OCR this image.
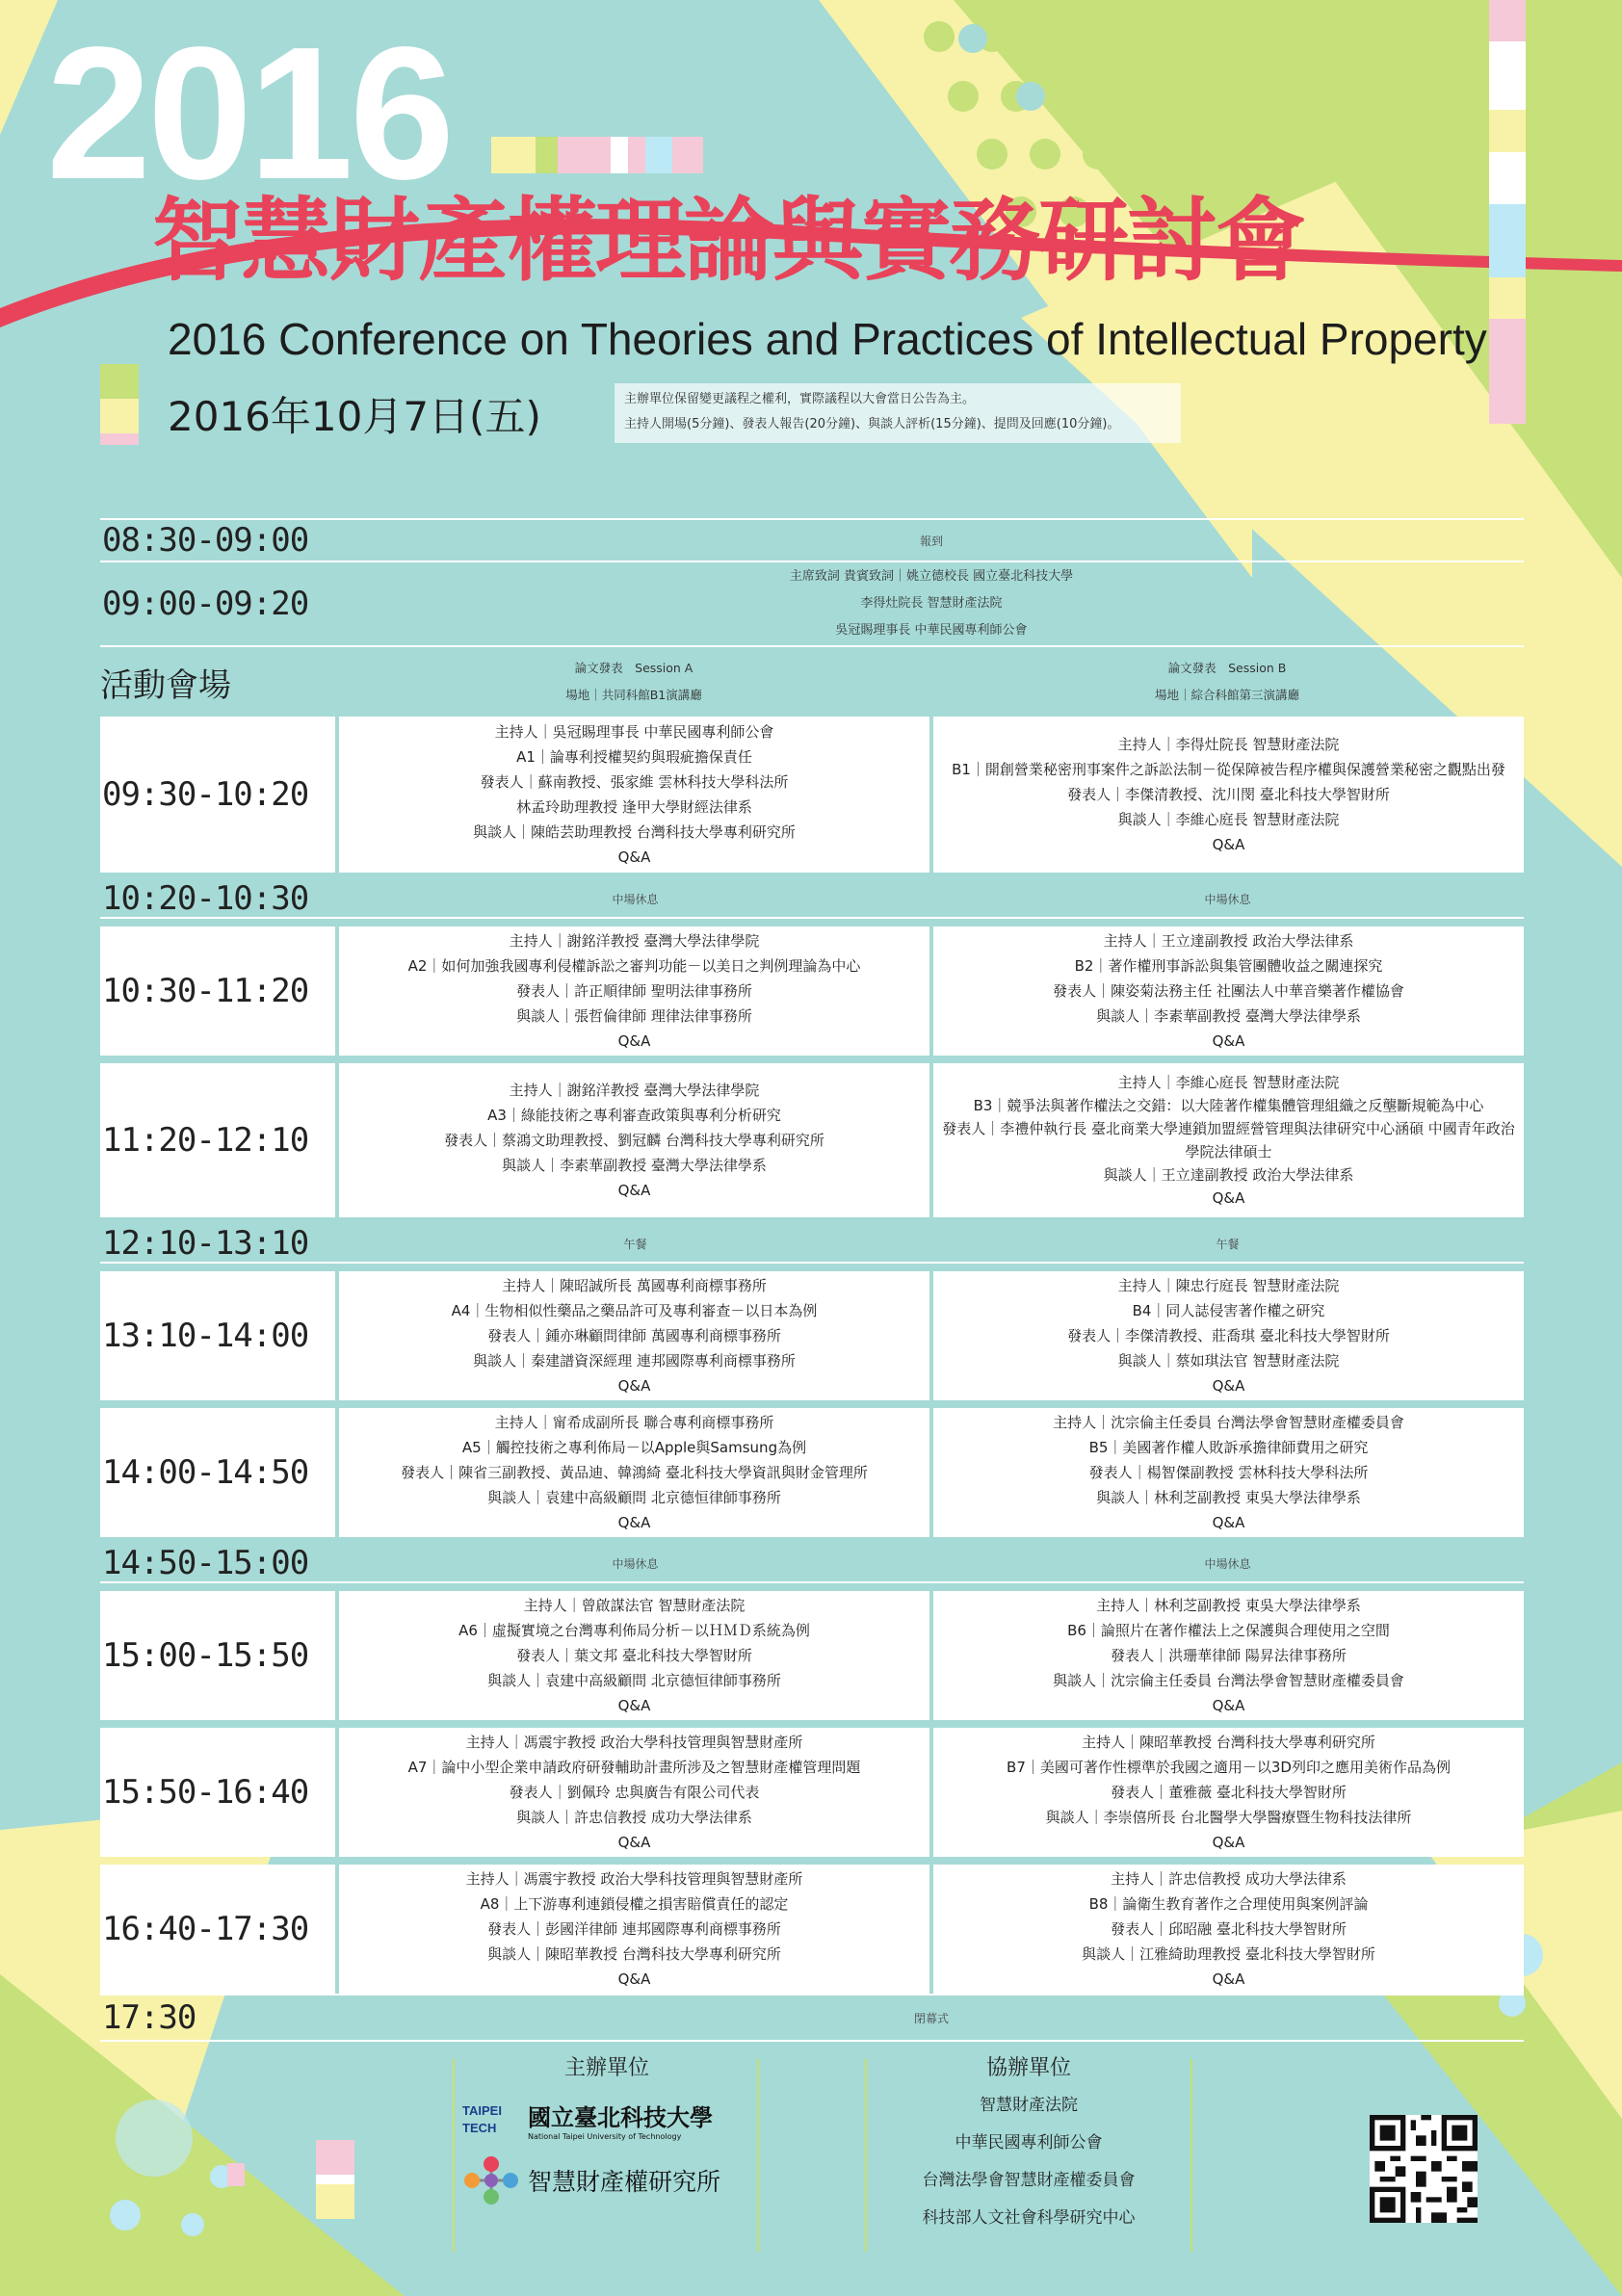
2016
智慧財產權理論與實務研討會
2016 Conference on Theories and Practices of Intellectual Property
2016年10月7日(五)	主辦單位保留變更議程之權利，實際議程以大會當日公告為主。
主持人開場(5分鐘)、發表人報告(20分鐘)、與談人評析(15分鐘)、提問及回應(10分鐘)。
08:30-09:00	報到
09:00-09:20
主席致詞 貴賓致詞｜姚立德校長 國立臺北科技大學
李得灶院長 智慧財產法院
吳冠賜理事長 中華民國專利師公會
活動會場	論文發表　Session A
場地｜共同科館B1演講廳
論文發表　Session B
場地｜綜合科館第三演講廳
09:30-10:20
主持人｜吳冠賜理事長 中華民國專利師公會
A1｜論專利授權契約與瑕疵擔保責任
發表人｜蘇南教授、張家維 雲林科技大學科法所
林孟玲助理教授 逢甲大學財經法律系
與談人｜陳皓芸助理教授 台灣科技大學專利研究所
Q&A
主持人｜李得灶院長 智慧財產法院
B1｜開創營業秘密刑事案件之訴訟法制－從保障被告程序權與保護營業秘密之觀點出發
發表人｜李傑清教授、沈川閔 臺北科技大學智財所
與談人｜李維心庭長 智慧財產法院
Q&A
10:20-10:30	中場休息	中場休息
10:30-11:20
主持人｜謝銘洋教授 臺灣大學法律學院
A2｜如何加強我國專利侵權訴訟之審判功能－以美日之判例理論為中心
發表人｜許正順律師 聖明法律事務所
與談人｜張哲倫律師 理律法律事務所
Q&A
主持人｜王立達副教授 政治大學法律系
B2｜著作權刑事訴訟與集管團體收益之關連探究
發表人｜陳姿菊法務主任 社團法人中華音樂著作權協會
與談人｜李素華副教授 臺灣大學法律學系
Q&A
11:20-12:10
主持人｜謝銘洋教授 臺灣大學法律學院
A3｜綠能技術之專利審查政策與專利分析研究
發表人｜蔡鴻文助理教授、劉冠麟 台灣科技大學專利研究所
與談人｜李素華副教授 臺灣大學法律學系
Q&A
主持人｜李維心庭長 智慧財產法院
B3｜競爭法與著作權法之交錯：以大陸著作權集體管理組織之反壟斷規範為中心
發表人｜李禮仲執行長 臺北商業大學連鎖加盟經營管理與法律研究中心涵碩 中國青年政治學院法律碩士
與談人｜王立達副教授 政治大學法律系
Q&A
12:10-13:10	午餐	午餐
13:10-14:00
主持人｜陳昭誠所長 萬國專利商標事務所
A4｜生物相似性藥品之藥品許可及專利審查－以日本為例
發表人｜鍾亦琳顧問律師 萬國專利商標事務所
與談人｜秦建譜資深經理 連邦國際專利商標事務所
Q&A
主持人｜陳忠行庭長 智慧財產法院
B4｜同人誌侵害著作權之研究
發表人｜李傑清教授、莊喬琪 臺北科技大學智財所
與談人｜蔡如琪法官 智慧財產法院
Q&A
14:00-14:50
主持人｜甯希成副所長 聯合專利商標事務所
A5｜觸控技術之專利佈局－以Apple與Samsung為例
發表人｜陳省三副教授、黃品迪、韓鴻綺 臺北科技大學資訊與財金管理所
與談人｜袁建中高級顧問 北京德恒律師事務所
Q&A
主持人｜沈宗倫主任委員 台灣法學會智慧財產權委員會
B5｜美國著作權人敗訴承擔律師費用之研究
發表人｜楊智傑副教授 雲林科技大學科法所
與談人｜林利芝副教授 東吳大學法律學系
Q&A
14:50-15:00	中場休息	中場休息
15:00-15:50
主持人｜曾啟謀法官 智慧財產法院
A6｜虛擬實境之台灣專利佈局分析－以ＨＭＤ系統為例
發表人｜葉文邦 臺北科技大學智財所
與談人｜袁建中高級顧問 北京德恒律師事務所
Q&A
主持人｜林利芝副教授 東吳大學法律學系
B6｜論照片在著作權法上之保護與合理使用之空間
發表人｜洪珊華律師 陽昇法律事務所
與談人｜沈宗倫主任委員 台灣法學會智慧財產權委員會
Q&A
15:50-16:40
主持人｜馮震宇教授 政治大學科技管理與智慧財產所
A7｜論中小型企業申請政府研發輔助計畫所涉及之智慧財產權管理問題
發表人｜劉佩玲 忠與廣告有限公司代表
與談人｜許忠信教授 成功大學法律系
Q&A
主持人｜陳昭華教授 台灣科技大學專利研究所
B7｜美國可著作性標準於我國之適用－以3D列印之應用美術作品為例
發表人｜董雅薇 臺北科技大學智財所
與談人｜李崇僖所長 台北醫學大學醫療暨生物科技法律所
Q&A
16:40-17:30
主持人｜馮震宇教授 政治大學科技管理與智慧財產所
A8｜上下游專利連鎖侵權之損害賠償責任的認定
發表人｜彭國洋律師 連邦國際專利商標事務所
與談人｜陳昭華教授 台灣科技大學專利研究所
Q&A
主持人｜許忠信教授 成功大學法律系
B8｜論衛生教育著作之合理使用與案例評論
發表人｜邱昭融 臺北科技大學智財所
與談人｜江雅綺助理教授 臺北科技大學智財所
Q&A
17:30	閉幕式
主辦單位
TAIPEI TECH	國立臺北科技大學
National Taipei University of Technology
智慧財產權研究所
協辦單位
智慧財產法院
中華民國專利師公會
台灣法學會智慧財產權委員會
科技部人文社會科學研究中心
